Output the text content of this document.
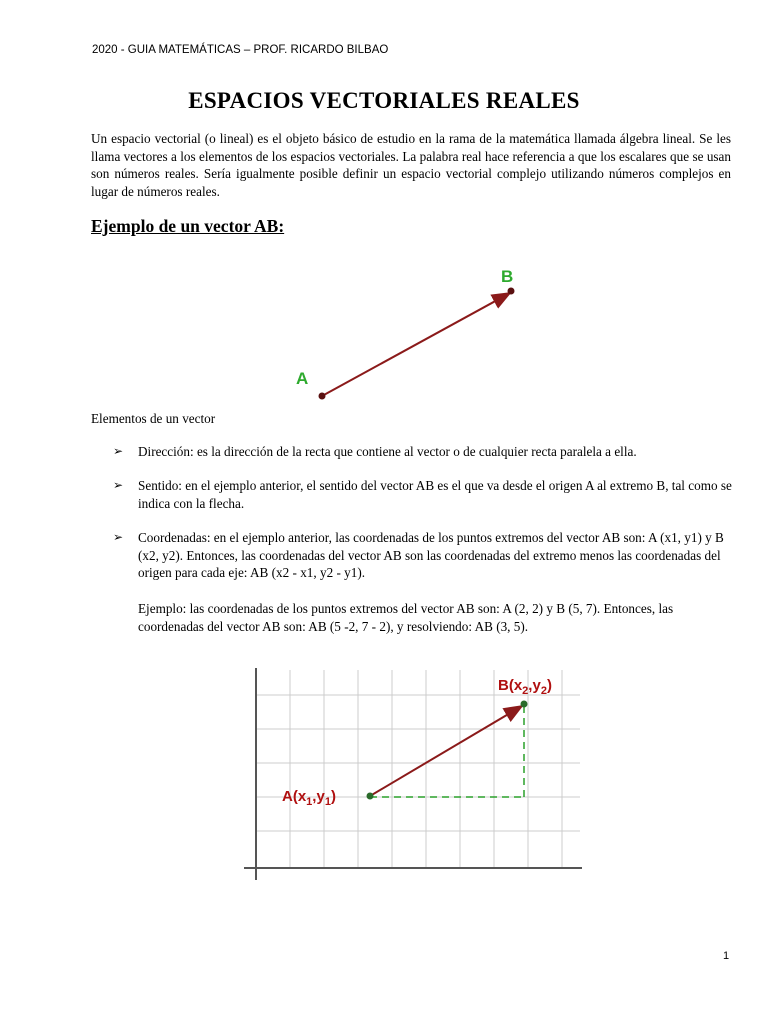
2020 - GUIA MATEMÁTICAS – PROF. RICARDO BILBAO
ESPACIOS VECTORIALES REALES

Un espacio vectorial (o lineal) es el objeto básico de estudio en la rama de la matemática llamada álgebra lineal. Se les llama vectores a los elementos de los espacios vectoriales. La palabra real hace referencia a que los escalares que se usan son números reales. Sería igualmente posible definir un espacio vectorial complejo utilizando números complejos en lugar de números reales.

Ejemplo de un vector AB:
A
B
Elementos de un vector
➢ Dirección: es la dirección de la recta que contiene al vector o de cualquier recta paralela a ella.
➢ Sentido: en el ejemplo anterior, el sentido del vector AB es el que va desde el origen A al extremo B, tal como se indica con la flecha.
➢ Coordenadas: en el ejemplo anterior, las coordenadas de los puntos extremos del vector AB son: A (x1, y1) y B (x2, y2). Entonces, las coordenadas del vector AB son las coordenadas del extremo menos las coordenadas del origen para cada eje: AB (x2 - x1, y2 - y1).
Ejemplo: las coordenadas de los puntos extremos del vector AB son: A (2, 2) y B (5, 7). Entonces, las coordenadas del vector AB son: AB (5 -2, 7 - 2), y resolviendo: AB (3, 5).
$A(x_1,y_1)$
$B(x_2,y_2)$
1
